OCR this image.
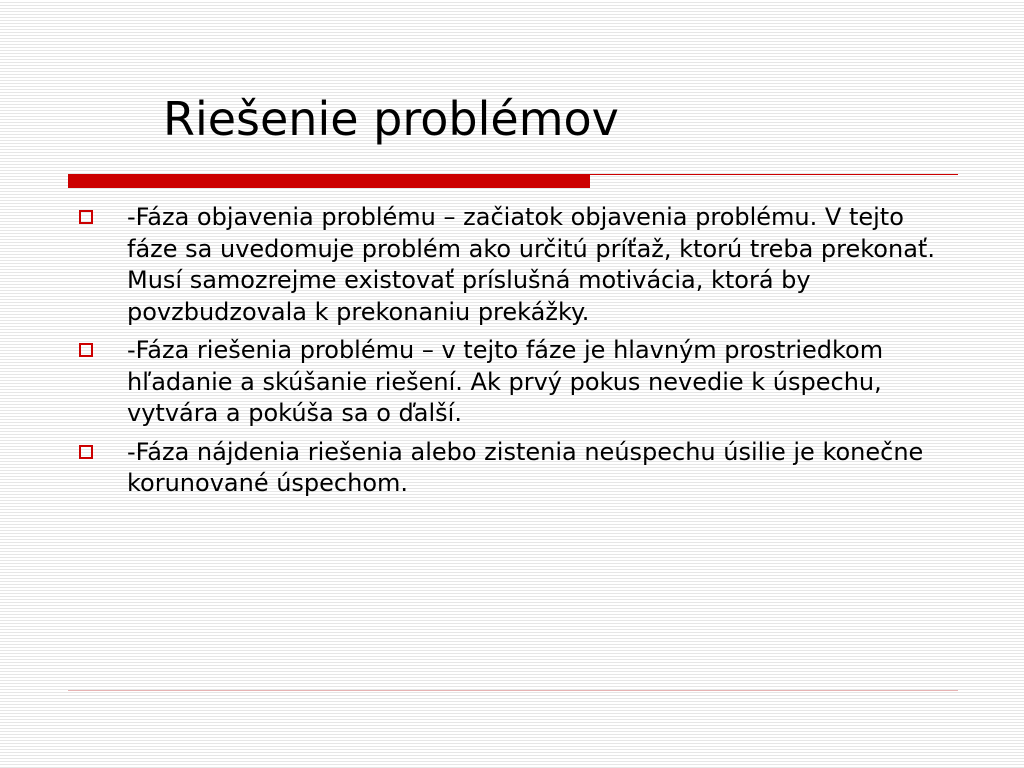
Riešenie problémov
-Fáza objavenia problému – začiatok objavenia problému. V tejto fáze sa uvedomuje problém ako určitú príťaž, ktorú treba prekonať. Musí samozrejme existovať príslušná motivácia, ktorá by povzbudzovala k prekonaniu prekážky.
-Fáza riešenia problému – v tejto fáze je hlavným prostriedkom hľadanie a skúšanie riešení. Ak prvý pokus nevedie k úspechu, vytvára a pokúša sa o ďalší.
-Fáza nájdenia riešenia alebo zistenia neúspechu úsilie je konečne korunované úspechom.
